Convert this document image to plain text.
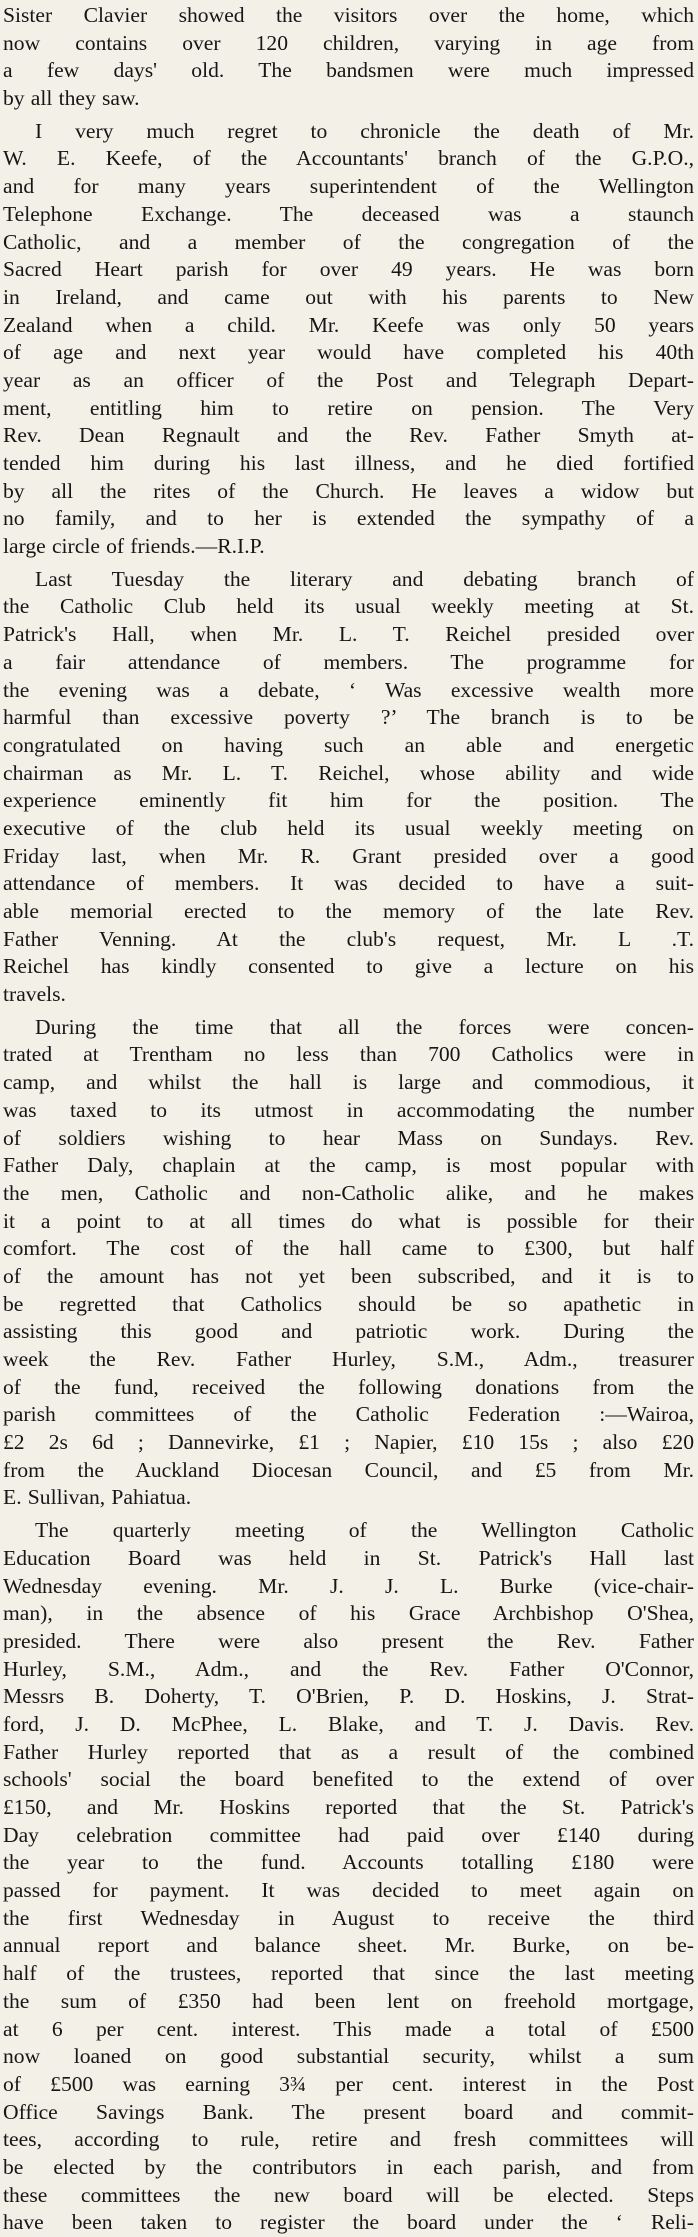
Sister Clavier showed the visitors over the home, which
now contains over 120 children, varying in age from
a few days' old. The bandsmen were much impressed
by all they saw.
I very much regret to chronicle the death of Mr.
W. E. Keefe, of the Accountants' branch of the G.P.O.,
and for many years superintendent of the Wellington
Telephone Exchange. The deceased was a staunch
Catholic, and a member of the congregation of the
Sacred Heart parish for over 49 years. He was born
in Ireland, and came out with his parents to New
Zealand when a child. Mr. Keefe was only 50 years
of age and next year would have completed his 40th
year as an officer of the Post and Telegraph Depart-
ment, entitling him to retire on pension. The Very
Rev. Dean Regnault and the Rev. Father Smyth at-
tended him during his last illness, and he died fortified
by all the rites of the Church. He leaves a widow but
no family, and to her is extended the sympathy of a
large circle of friends.—R.I.P.
Last Tuesday the literary and debating branch of
the Catholic Club held its usual weekly meeting at St.
Patrick's Hall, when Mr. L. T. Reichel presided over
a fair attendance of members. The programme for
the evening was a debate, ‘ Was excessive wealth more
harmful than excessive poverty ?’ The branch is to be
congratulated on having such an able and energetic
chairman as Mr. L. T. Reichel, whose ability and wide
experience eminently fit him for the position. The
executive of the club held its usual weekly meeting on
Friday last, when Mr. R. Grant presided over a good
attendance of members. It was decided to have a suit-
able memorial erected to the memory of the late Rev.
Father Venning. At the club's request, Mr. L .T.
Reichel has kindly consented to give a lecture on his
travels.
During the time that all the forces were concen-
trated at Trentham no less than 700 Catholics were in
camp, and whilst the hall is large and commodious, it
was taxed to its utmost in accommodating the number
of soldiers wishing to hear Mass on Sundays. Rev.
Father Daly, chaplain at the camp, is most popular with
the men, Catholic and non-Catholic alike, and he makes
it a point to at all times do what is possible for their
comfort. The cost of the hall came to £300, but half
of the amount has not yet been subscribed, and it is to
be regretted that Catholics should be so apathetic in
assisting this good and patriotic work. During the
week the Rev. Father Hurley, S.M., Adm., treasurer
of the fund, received the following donations from the
parish committees of the Catholic Federation :—Wairoa,
£2 2s 6d ; Dannevirke, £1 ; Napier, £10 15s ; also £20
from the Auckland Diocesan Council, and £5 from Mr.
E. Sullivan, Pahiatua.
The quarterly meeting of the Wellington Catholic
Education Board was held in St. Patrick's Hall last
Wednesday evening. Mr. J. J. L. Burke (vice-chair-
man), in the absence of his Grace Archbishop O'Shea,
presided. There were also present the Rev. Father
Hurley, S.M., Adm., and the Rev. Father O'Connor,
Messrs B. Doherty, T. O'Brien, P. D. Hoskins, J. Strat-
ford, J. D. McPhee, L. Blake, and T. J. Davis. Rev.
Father Hurley reported that as a result of the combined
schools' social the board benefited to the extend of over
£150, and Mr. Hoskins reported that the St. Patrick's
Day celebration committee had paid over £140 during
the year to the fund. Accounts totalling £180 were
passed for payment. It was decided to meet again on
the first Wednesday in August to receive the third
annual report and balance sheet. Mr. Burke, on be-
half of the trustees, reported that since the last meeting
the sum of £350 had been lent on freehold mortgage,
at 6 per cent. interest. This made a total of £500
now loaned on good substantial security, whilst a sum
of £500 was earning 3¾ per cent. interest in the Post
Office Savings Bank. The present board and commit-
tees, according to rule, retire and fresh committees will
be elected by the contributors in each parish, and from
these committees the new board will be elected. Steps
have been taken to register the board under the ‘ Reli-
